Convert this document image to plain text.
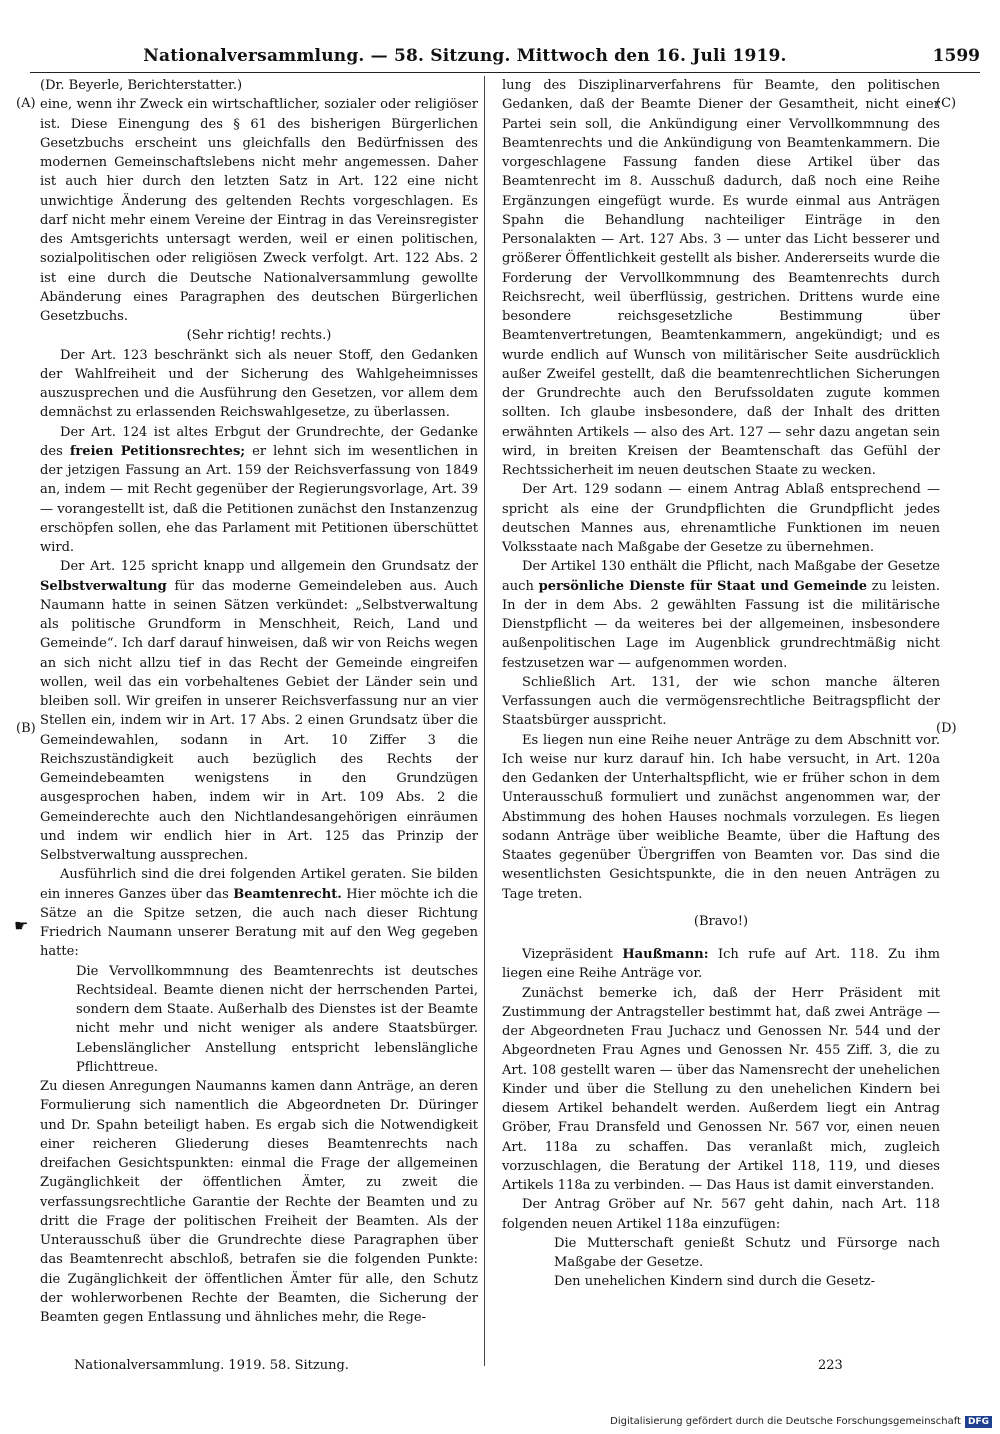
Nationalversammlung. — 58. Sitzung. Mittwoch den 16. Juli 1919.	1599
(A)
(B)
(C)
(D)
☛

(Dr. Beyerle, Berichterstatter.)

eine, wenn ihr Zweck ein wirtschaftlicher, sozialer oder religiöser ist. Diese Einengung des § 61 des bisherigen Bürgerlichen Gesetzbuchs erscheint uns gleichfalls den Bedürfnissen des modernen Gemeinschaftslebens nicht mehr angemessen. Daher ist auch hier durch den letzten Satz in Art. 122 eine nicht unwichtige Änderung des geltenden Rechts vorgeschlagen. Es darf nicht mehr einem Vereine der Eintrag in das Vereinsregister des Amtsgerichts untersagt werden, weil er einen politischen, sozialpolitischen oder religiösen Zweck verfolgt. Art. 122 Abs. 2 ist eine durch die Deutsche Nationalversammlung gewollte Abänderung eines Paragraphen des deutschen Bürgerlichen Gesetzbuchs.

(Sehr richtig! rechts.)

Der Art. 123 beschränkt sich als neuer Stoff, den Gedanken der Wahlfreiheit und der Sicherung des Wahlgeheimnisses auszusprechen und die Ausführung den Gesetzen, vor allem dem demnächst zu erlassenden Reichswahlgesetze, zu überlassen.

Der Art. 124 ist altes Erbgut der Grundrechte, der Gedanke des freien Petitionsrechtes; er lehnt sich im wesentlichen in der jetzigen Fassung an Art. 159 der Reichsverfassung von 1849 an, indem — mit Recht gegenüber der Regierungsvorlage, Art. 39 — vorangestellt ist, daß die Petitionen zunächst den Instanzenzug erschöpfen sollen, ehe das Parlament mit Petitionen überschüttet wird.

Der Art. 125 spricht knapp und allgemein den Grundsatz der Selbstverwaltung für das moderne Gemeindeleben aus. Auch Naumann hatte in seinen Sätzen verkündet: „Selbstverwaltung als politische Grundform in Menschheit, Reich, Land und Gemeinde“. Ich darf darauf hinweisen, daß wir von Reichs wegen an sich nicht allzu tief in das Recht der Gemeinde eingreifen wollen, weil das ein vorbehaltenes Gebiet der Länder sein und bleiben soll. Wir greifen in unserer Reichsverfassung nur an vier Stellen ein, indem wir in Art. 17 Abs. 2 einen Grundsatz über die Gemeindewahlen, sodann in Art. 10 Ziffer 3 die Reichszuständigkeit auch bezüglich des Rechts der Gemeindebeamten wenigstens in den Grundzügen ausgesprochen haben, indem wir in Art. 109 Abs. 2 die Gemeinderechte auch den Nichtlandesangehörigen einräumen und indem wir endlich hier in Art. 125 das Prinzip der Selbstverwaltung aussprechen.

Ausführlich sind die drei folgenden Artikel geraten. Sie bilden ein inneres Ganzes über das Beamtenrecht. Hier möchte ich die Sätze an die Spitze setzen, die auch nach dieser Richtung Friedrich Naumann unserer Beratung mit auf den Weg gegeben hatte:

Die Vervollkommnung des Beamtenrechts ist deutsches Rechtsideal. Beamte dienen nicht der herrschenden Partei, sondern dem Staate. Außerhalb des Dienstes ist der Beamte nicht mehr und nicht weniger als andere Staatsbürger. Lebenslänglicher Anstellung entspricht lebenslängliche Pflichttreue.

Zu diesen Anregungen Naumanns kamen dann Anträge, an deren Formulierung sich namentlich die Abgeordneten Dr. Düringer und Dr. Spahn beteiligt haben. Es ergab sich die Notwendigkeit einer reicheren Gliederung dieses Beamtenrechts nach dreifachen Gesichtspunkten: einmal die Frage der allgemeinen Zugänglichkeit der öffentlichen Ämter, zu zweit die verfassungsrechtliche Garantie der Rechte der Beamten und zu dritt die Frage der politischen Freiheit der Beamten. Als der Unterausschuß über die Grundrechte diese Paragraphen über das Beamtenrecht abschloß, betrafen sie die folgenden Punkte: die Zugänglichkeit der öffentlichen Ämter für alle, den Schutz der wohlerworbenen Rechte der Beamten, die Sicherung der Beamten gegen Entlassung und ähnliches mehr, die Rege-

lung des Disziplinarverfahrens für Beamte, den politischen Gedanken, daß der Beamte Diener der Gesamtheit, nicht einer Partei sein soll, die Ankündigung einer Vervollkommnung des Beamtenrechts und die Ankündigung von Beamtenkammern. Die vorgeschlagene Fassung fanden diese Artikel über das Beamtenrecht im 8. Ausschuß dadurch, daß noch eine Reihe Ergänzungen eingefügt wurde. Es wurde einmal aus Anträgen Spahn die Behandlung nachteiliger Einträge in den Personalakten — Art. 127 Abs. 3 — unter das Licht besserer und größerer Öffentlichkeit gestellt als bisher. Andererseits wurde die Forderung der Vervollkommnung des Beamtenrechts durch Reichsrecht, weil überflüssig, gestrichen. Drittens wurde eine besondere reichsgesetzliche Bestimmung über Beamtenvertretungen, Beamtenkammern, angekündigt; und es wurde endlich auf Wunsch von militärischer Seite ausdrücklich außer Zweifel gestellt, daß die beamtenrechtlichen Sicherungen der Grundrechte auch den Berufssoldaten zugute kommen sollten. Ich glaube insbesondere, daß der Inhalt des dritten erwähnten Artikels — also des Art. 127 — sehr dazu angetan sein wird, in breiten Kreisen der Beamtenschaft das Gefühl der Rechtssicherheit im neuen deutschen Staate zu wecken.

Der Art. 129 sodann — einem Antrag Ablaß entsprechend — spricht als eine der Grundpflichten die Grundpflicht jedes deutschen Mannes aus, ehrenamtliche Funktionen im neuen Volksstaate nach Maßgabe der Gesetze zu übernehmen.

Der Artikel 130 enthält die Pflicht, nach Maßgabe der Gesetze auch persönliche Dienste für Staat und Gemeinde zu leisten. In der in dem Abs. 2 gewählten Fassung ist die militärische Dienstpflicht — da weiteres bei der allgemeinen, insbesondere außenpolitischen Lage im Augenblick grundrechtmäßig nicht festzusetzen war — aufgenommen worden.

Schließlich Art. 131, der wie schon manche älteren Verfassungen auch die vermögensrechtliche Beitragspflicht der Staatsbürger ausspricht.

Es liegen nun eine Reihe neuer Anträge zu dem Abschnitt vor. Ich weise nur kurz darauf hin. Ich habe versucht, in Art. 120a den Gedanken der Unterhaltspflicht, wie er früher schon in dem Unterausschuß formuliert und zunächst angenommen war, der Abstimmung des hohen Hauses nochmals vorzulegen. Es liegen sodann Anträge über weibliche Beamte, über die Haftung des Staates gegenüber Übergriffen von Beamten vor. Das sind die wesentlichsten Gesichtspunkte, die in den neuen Anträgen zu Tage treten.

(Bravo!)

Vizepräsident Haußmann: Ich rufe auf Art. 118. Zu ihm liegen eine Reihe Anträge vor.

Zunächst bemerke ich, daß der Herr Präsident mit Zustimmung der Antragsteller bestimmt hat, daß zwei Anträge — der Abgeordneten Frau Juchacz und Genossen Nr. 544 und der Abgeordneten Frau Agnes und Genossen Nr. 455 Ziff. 3, die zu Art. 108 gestellt waren — über das Namensrecht der unehelichen Kinder und über die Stellung zu den unehelichen Kindern bei diesem Artikel behandelt werden. Außerdem liegt ein Antrag Gröber, Frau Dransfeld und Genossen Nr. 567 vor, einen neuen Art. 118a zu schaffen. Das veranlaßt mich, zugleich vorzuschlagen, die Beratung der Artikel 118, 119, und dieses Artikels 118a zu verbinden. — Das Haus ist damit einverstanden.

Der Antrag Gröber auf Nr. 567 geht dahin, nach Art. 118 folgenden neuen Artikel 118a einzufügen:

Die Mutterschaft genießt Schutz und Fürsorge nach Maßgabe der Gesetze.

Den unehelichen Kindern sind durch die Gesetz-

Nationalversammlung. 1919. 58. Sitzung.	223
Digitalisierung gefördert durch die Deutsche Forschungsgemeinschaft DFG
